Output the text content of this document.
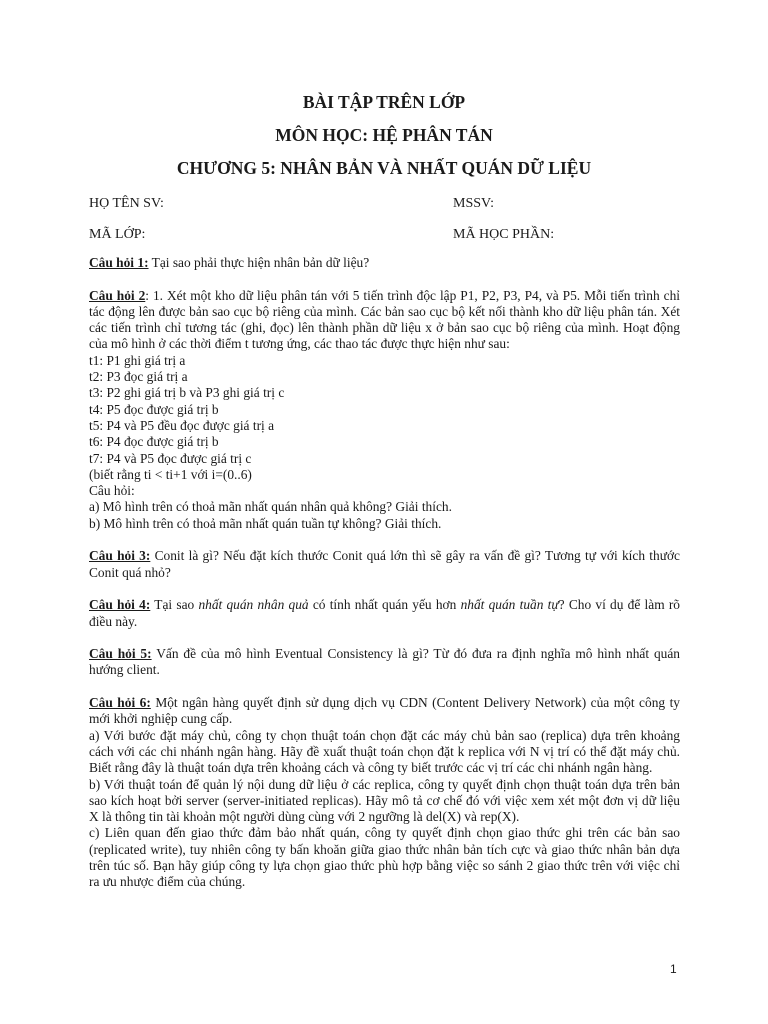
BÀI TẬP TRÊN LỚP
MÔN HỌC: HỆ PHÂN TÁN
CHƯƠNG 5: NHÂN BẢN VÀ NHẤT QUÁN DỮ LIỆU
HỌ TÊN SV:	MSSV:
MÃ LỚP:	MÃ HỌC PHẦN:

Câu hỏi 1: Tại sao phải thực hiện nhân bản dữ liệu?

Câu hỏi 2: 1. Xét một kho dữ liệu phân tán với 5 tiến trình độc lập P1, P2, P3, P4, và P5. Mỗi tiến trình chỉ tác động lên được bản sao cục bộ riêng của mình. Các bản sao cục bộ kết nối thành kho dữ liệu phân tán. Xét các tiến trình chỉ tương tác (ghi, đọc) lên thành phần dữ liệu x ở bản sao cục bộ riêng của mình. Hoạt động của mô hình ở các thời điểm t tương ứng, các thao tác được thực hiện như sau:

t1: P1 ghi giá trị a

t2: P3 đọc giá trị a

t3: P2 ghi giá trị b và P3 ghi giá trị c

t4: P5 đọc được giá trị b

t5: P4 và P5 đều đọc được giá trị a

t6: P4 đọc được giá trị b

t7: P4 và P5 đọc được giá trị c

(biết rằng ti < ti+1 với i=(0..6)

Câu hỏi:

a) Mô hình trên có thoả mãn nhất quán nhân quả không? Giải thích.

b) Mô hình trên có thoả mãn nhất quán tuần tự không? Giải thích.

Câu hỏi 3: Conit là gì? Nếu đặt kích thước Conit quá lớn thì sẽ gây ra vấn đề gì? Tương tự với kích thước Conit quá nhỏ?

Câu hỏi 4: Tại sao nhất quán nhân quả có tính nhất quán yếu hơn nhất quán tuần tự? Cho ví dụ để làm rõ điều này.

Câu hỏi 5: Vấn đề của mô hình Eventual Consistency là gì? Từ đó đưa ra định nghĩa mô hình nhất quán hướng client.

Câu hỏi 6: Một ngân hàng quyết định sử dụng dịch vụ CDN (Content Delivery Network) của một công ty mới khởi nghiệp cung cấp.

a) Với bước đặt máy chủ, công ty chọn thuật toán chọn đặt các máy chủ bản sao (replica) dựa trên khoảng cách với các chi nhánh ngân hàng. Hãy đề xuất thuật toán chọn đặt k replica với N vị trí có thể đặt máy chủ. Biết rằng đây là thuật toán dựa trên khoảng cách và công ty biết trước các vị trí các chi nhánh ngân hàng.

b) Với thuật toán để quản lý nội dung dữ liệu ở các replica, công ty quyết định chọn thuật toán dựa trên bản sao kích hoạt bởi server (server-initiated replicas). Hãy mô tả cơ chế đó với việc xem xét một đơn vị dữ liệu X là thông tin tài khoản một người dùng cùng với 2 ngưỡng là del(X) và rep(X).

c) Liên quan đến giao thức đảm bảo nhất quán, công ty quyết định chọn giao thức ghi trên các bản sao (replicated write), tuy nhiên công ty bấn khoăn giữa giao thức nhân bản tích cực và giao thức nhân bản dựa trên túc số. Bạn hãy giúp công ty lựa chọn giao thức phù hợp bằng việc so sánh 2 giao thức trên với việc chỉ ra ưu nhược điểm của chúng.

1
